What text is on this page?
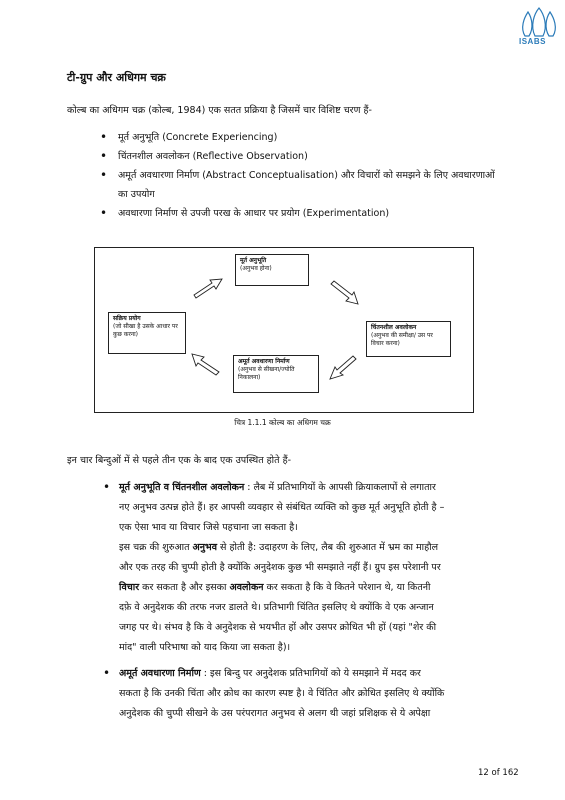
ISABS
टी-ग्रुप और अधिगम चक्र
कोल्ब का अधिगम चक्र (कोल्ब, 1984) एक सतत प्रक्रिया है जिसमें चार विशिष्ट चरण हैं-
• मूर्त अनुभूति (Concrete Experiencing)
• चिंतनशील अवलोकन (Reflective Observation)
• अमूर्त अवधारणा निर्माण (Abstract Conceptualisation) और विचारों को समझने के लिए अवधारणाओं का उपयोग
• अवधारणा निर्माण से उपजी परख के आधार पर प्रयोग (Experimentation)
मूर्त अनुभूति
(अनुभव होना)
चिंतनशील अवलोकन
(अनुभव की समीक्षा/ उस पर विचार करना)
अमूर्त अवधारणा निर्माण
(अनुभव से सीखना/ज्योति निकालना)
सक्रिय प्रयोग
(जो सीखा है उसके आधार पर कुछ करना)
चित्र 1.1.1 कोल्ब का अधिगम चक्र
इन चार बिन्दुओं में से पहले तीन एक के बाद एक उपस्थित होते हैं-
• मूर्त अनुभूति व चिंतनशील अवलोकन : लैब में प्रतिभागियों के आपसी क्रियाकलापों से लगातार
नए अनुभव उत्पन्न होते हैं। हर आपसी व्यवहार से संबंधित व्यक्ति को कुछ मूर्त अनुभूति होती है –
एक ऐसा भाव या विचार जिसे पहचाना जा सकता है।
इस चक्र की शुरुआत अनुभव से होती है: उदाहरण के लिए, लैब की शुरुआत में भ्रम का माहौल
और एक तरह की चुप्पी होती है क्योंकि अनुदेशक कुछ भी समझाते नहीं हैं। ग्रुप इस परेशानी पर
विचार कर सकता है और इसका अवलोकन कर सकता है कि वे कितने परेशान थे, या कितनी
दफ़े वे अनुदेशक की तरफ नजर डालते थे। प्रतिभागी चिंतित इसलिए थे क्योंकि वे एक अन्जान
जगह पर थे। संभव है कि वे अनुदेशक से भयभीत हों और उसपर क्रोधित भी हों (यहां "शेर की
मांद" वाली परिभाषा को याद किया जा सकता है)।
• अमूर्त अवधारणा निर्माण : इस बिन्दु पर अनुदेशक प्रतिभागियों को ये समझाने में मदद कर
सकता है कि उनकी चिंता और क्रोध का कारण स्पष्ट है। वे चिंतित और क्रोधित इसलिए थे क्योंकि
अनुदेशक की चुप्पी सीखने के उस परंपरागत अनुभव से अलग थी जहां प्रशिक्षक से ये अपेक्षा
12 of 162
